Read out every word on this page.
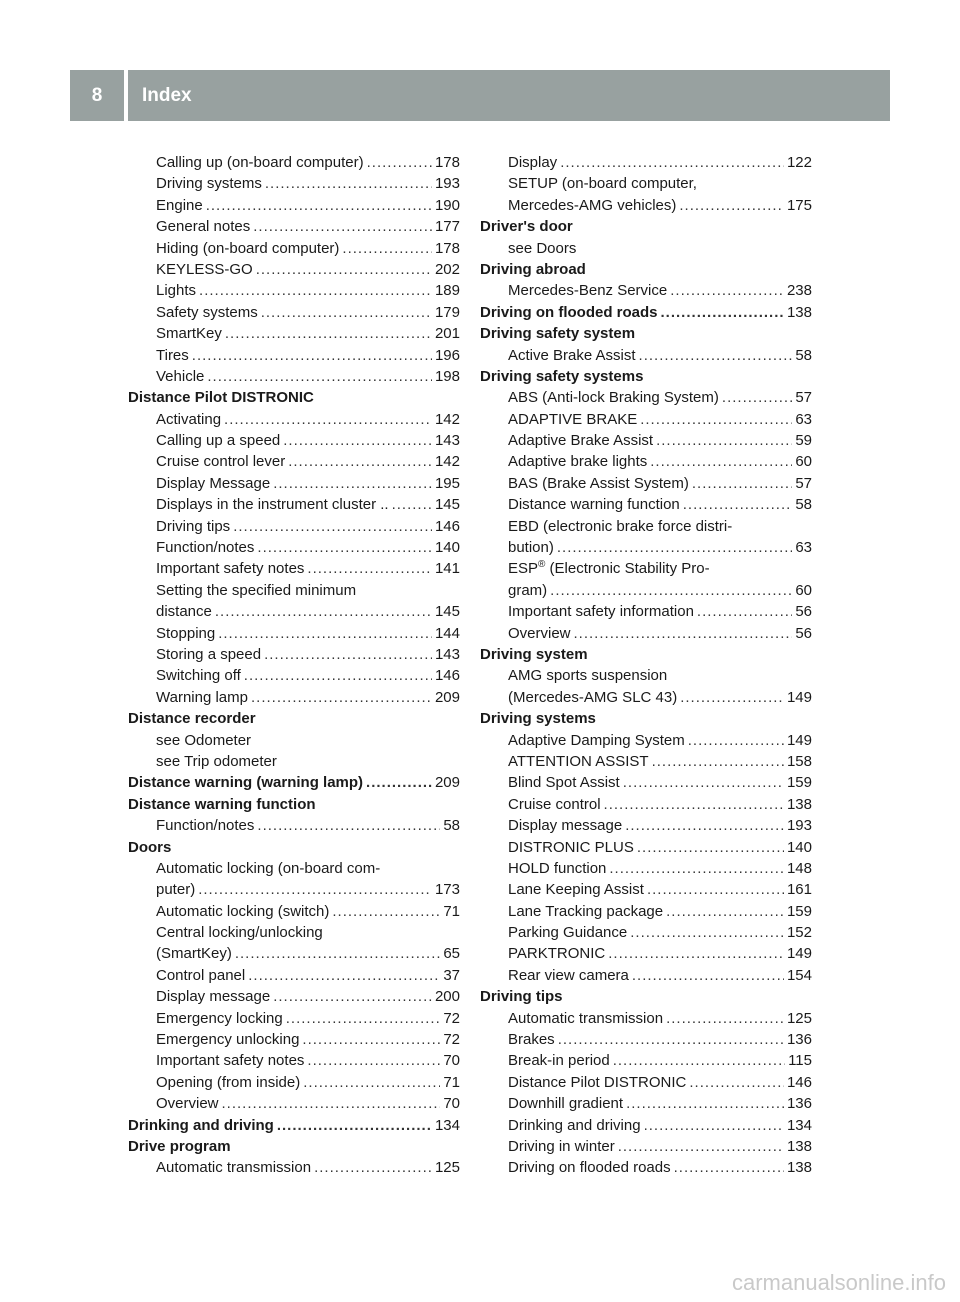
8	Index
Calling up (on-board computer) .....	178
Driving systems .....	193
Engine .....	190
General notes .....	177
Hiding (on-board computer) .....	178
KEYLESS-GO .....	202
Lights .....	189
Safety systems .....	179
SmartKey .....	201
Tires .....	196
Vehicle .....	198
Distance Pilot DISTRONIC
Activating .....	142
Calling up a speed .....	143
Cruise control lever .....	142
Display Message .....	195
Displays in the instrument cluster .. .....	145
Driving tips .....	146
Function/notes .....	140
Important safety notes .....	141
Setting the specified minimum
distance .....	145
Stopping .....	144
Storing a speed .....	143
Switching off .....	146
Warning lamp .....	209
Distance recorder
see Odometer
see Trip odometer
Distance warning (warning lamp) .....	209
Distance warning function
Function/notes .....	58
Doors
Automatic locking (on-board com-
puter) .....	173
Automatic locking (switch) .....	71
Central locking/unlocking
(SmartKey) .....	65
Control panel .....	37
Display message .....	200
Emergency locking .....	72
Emergency unlocking .....	72
Important safety notes .....	70
Opening (from inside) .....	71
Overview .....	70
Drinking and driving .....	134
Drive program
Automatic transmission .....	125
Display .....	122
SETUP (on-board computer,
Mercedes-AMG vehicles) .....	175
Driver's door
see Doors
Driving abroad
Mercedes-Benz Service .....	238
Driving on flooded roads .....	138
Driving safety system
Active Brake Assist .....	58
Driving safety systems
ABS (Anti-lock Braking System) .....	57
ADAPTIVE BRAKE .....	63
Adaptive Brake Assist .....	59
Adaptive brake lights .....	60
BAS (Brake Assist System) .....	57
Distance warning function .....	58
EBD (electronic brake force distri-
bution) .....	63
ESP® (Electronic Stability Pro-
gram) .....	60
Important safety information .....	56
Overview .....	56
Driving system
AMG sports suspension
(Mercedes-AMG SLC 43) .....	149
Driving systems
Adaptive Damping System .....	149
ATTENTION ASSIST .....	158
Blind Spot Assist .....	159
Cruise control .....	138
Display message .....	193
DISTRONIC PLUS .....	140
HOLD function .....	148
Lane Keeping Assist .....	161
Lane Tracking package .....	159
Parking Guidance .....	152
PARKTRONIC .....	149
Rear view camera .....	154
Driving tips
Automatic transmission .....	125
Brakes .....	136
Break-in period .....	115
Distance Pilot DISTRONIC .....	146
Downhill gradient .....	136
Drinking and driving .....	134
Driving in winter .....	138
Driving on flooded roads .....	138
carmanualsonline.info
